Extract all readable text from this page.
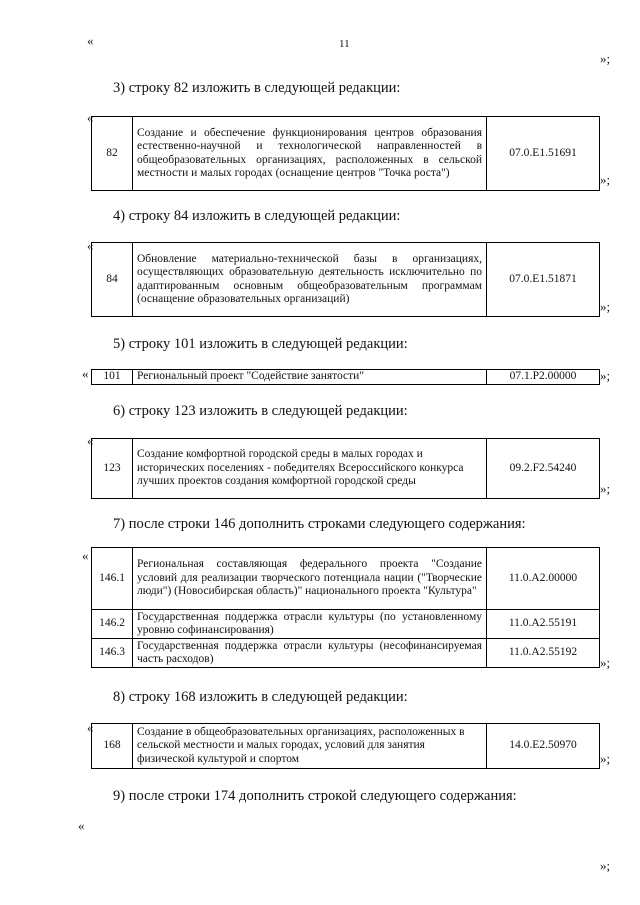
«	11
»;
3) строку 82 изложить в следующей редакции:
«
82	Создание и обеспечение функционирования центров образования естественно-научной и технологической направленностей в общеобразовательных организациях, расположенных в сельской местности и малых городах (оснащение центров "Точка роста")	07.0.E1.51691
»;
4) строку 84 изложить в следующей редакции:
«
84	Обновление материально-технической базы в организациях, осуществляющих образовательную деятельность исключительно по адаптированным основным общеобразовательным программам (оснащение образовательных организаций)	07.0.E1.51871
»;
5) строку 101 изложить в следующей редакции:
« 101	Региональный проект "Содействие занятости"	07.1.P2.00000 »;
6) строку 123 изложить в следующей редакции:
«
123	Создание комфортной городской среды в малых городах и исторических поселениях - победителях Всероссийского конкурса лучших проектов создания комфортной городской среды	09.2.F2.54240
»;
7) после строки 146 дополнить строками следующего содержания:
«
146.1	Региональная составляющая федерального проекта "Создание условий для реализации творческого потенциала нации ("Творческие люди") (Новосибирская область)" национального проекта "Культура"	11.0.A2.00000
146.2	Государственная поддержка отрасли культуры (по установленному уровню софинансирования)	11.0.A2.55191
146.3	Государственная поддержка отрасли культуры (несофинансируемая часть расходов)	11.0.A2.55192
»;
8) строку 168 изложить в следующей редакции:
«
168	Создание в общеобразовательных организациях, расположенных в сельской местности и малых городах, условий для занятия физической культурой и спортом	14.0.E2.50970
»;
9) после строки 174 дополнить строкой следующего содержания:
«
»;
